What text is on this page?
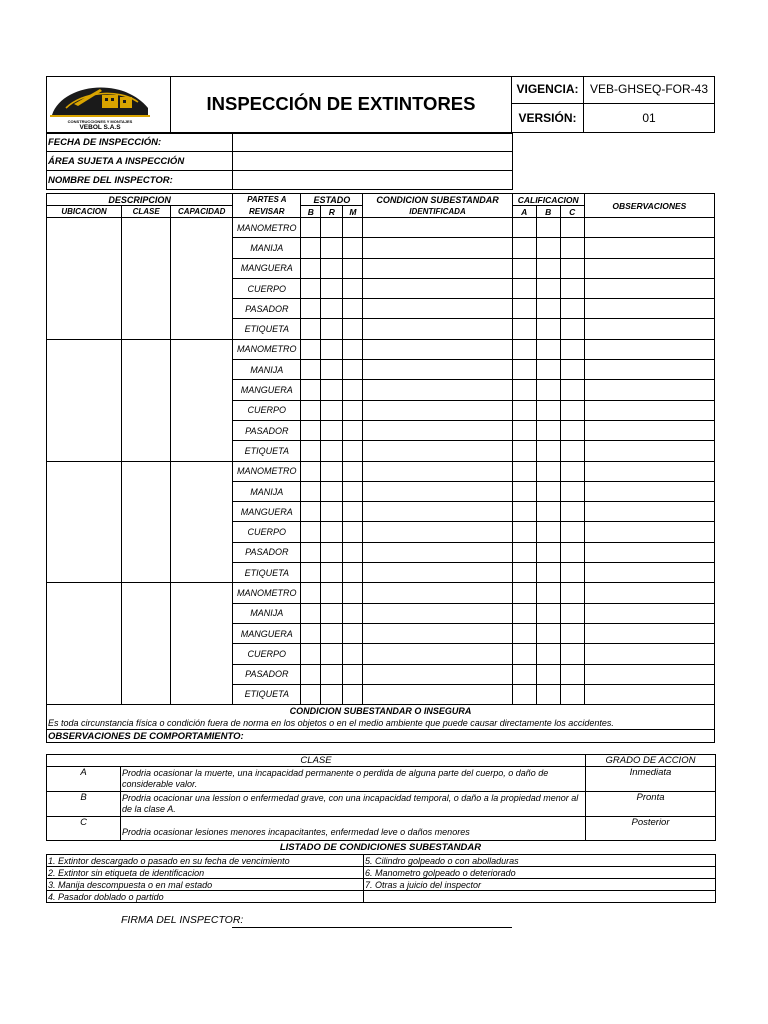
CONSTRUCCIONES Y MONTAJES
VEBOL S.A.S
INSPECCIÓN DE EXTINTORES
VIGENCIA: VEB-GHSEQ-FOR-43
VERSIÓN:	01
FECHA DE INSPECCIÓN:	
ÁREA SUJETA A INSPECCIÓN	
NOMBRE DEL INSPECTOR:	
DESCRIPCION			PARTES A	ESTADO			CONDICION SUBESTANDAR	CALIFICACION			OBSERVACIONES
UBICACION	CLASE	CAPACIDAD	REVISAR	B	R	M	IDENTIFICADA	A	B	C	
			MANOMETRO								
			MANIJA								
			MANGUERA								
			CUERPO								
			PASADOR								
			ETIQUETA								
			MANOMETRO								
			MANIJA								
			MANGUERA								
			CUERPO								
			PASADOR								
			ETIQUETA								
			MANOMETRO								
			MANIJA								
			MANGUERA								
			CUERPO								
			PASADOR								
			ETIQUETA								
			MANOMETRO								
			MANIJA								
			MANGUERA								
			CUERPO								
			PASADOR								
			ETIQUETA								
CONDICION SUBESTANDAR O INSEGURA											
Es toda circunstancia física o condición fuera de norma en los objetos o en el medio ambiente que puede causar directamente los accidentes.											
OBSERVACIONES DE COMPORTAMIENTO:											
CLASE		GRADO DE ACCION
A	Prodria ocasionar la muerte, una incapacidad permanente o perdida de alguna parte del cuerpo, o daño de considerable valor.	Inmediata
B	Prodria ocacionar una lession o enfermedad grave, con una incapacidad temporal, o daño a la propiedad menor al de la clase A.	Pronta
C	Prodria ocasionar lesiones menores incapacitantes, enfermedad leve o daños menores	Posterior
LISTADO DE CONDICIONES SUBESTANDAR
1. Extintor descargado o pasado en su fecha de vencimiento	5. Cilindro golpeado o con abolladuras
2. Extintor sin etiqueta de identificacion	6. Manometro golpeado o deteriorado
3. Manija descompuesta o en mal estado	7. Otras a juicio del inspector
4. Pasador doblado o partido	
FIRMA DEL INSPECTOR:
